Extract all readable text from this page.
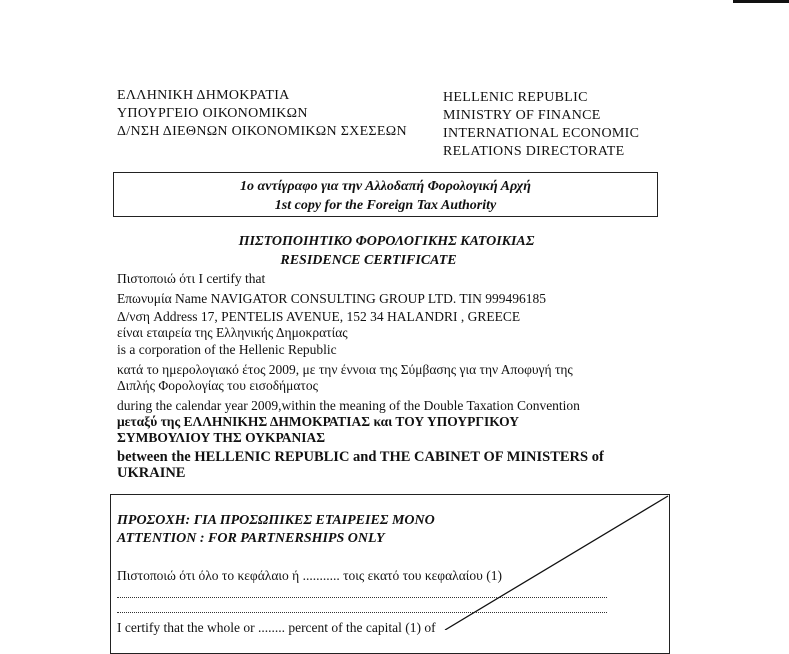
ΕΛΛΗΝΙΚΗ ΔΗΜΟΚΡΑΤΙΑ
ΥΠΟΥΡΓΕΙΟ ΟΙΚΟΝΟΜΙΚΩΝ
Δ/ΝΣΗ ΔΙΕΘΝΩΝ ΟΙΚΟΝΟΜΙΚΩΝ ΣΧΕΣΕΩΝ
HELLENIC REPUBLIC
MINISTRY OF FINANCE
INTERNATIONAL ECONOMIC
RELATIONS DIRECTORATE
1ο αντίγραφο για την Αλλοδαπή Φορολογική Αρχή
1st copy for the Foreign Tax Authority
ΠΙΣΤΟΠΟΙΗΤΙΚΟ ΦΟΡΟΛΟΓΙΚΗΣ ΚΑΤΟΙΚΙΑΣ
RESIDENCE CERTIFICATE
Πιστοποιώ ότι I certify that
Επωνυμία Name NAVIGATOR CONSULTING GROUP LTD. TIN 999496185
Δ/νση Address 17, PENTELIS AVENUE, 152 34 HALANDRI , GREECE
είναι εταιρεία της Ελληνικής Δημοκρατίας
is a corporation of the Hellenic Republic
κατά το ημερολογιακό έτος 2009, με την έννοια της Σύμβασης για την Αποφυγή της
Διπλής Φορολογίας του εισοδήματος
during the calendar year 2009,within the meaning of the Double Taxation Convention
μεταξύ της ΕΛΛΗΝΙΚΗΣ ΔΗΜΟΚΡΑΤΙΑΣ και ΤΟΥ ΥΠΟΥΡΓΙΚΟΥ
ΣΥΜΒΟΥΛΙΟΥ ΤΗΣ ΟΥΚΡΑΝΙΑΣ
between the HELLENIC REPUBLIC and THE CABINET OF MINISTERS of
UKRAINE
ΠΡΟΣΟΧΗ: ΓΙΑ ΠΡΟΣΩΠΙΚΕΣ ΕΤΑΙΡΕΙΕΣ ΜΟΝΟ
ATTENTION : FOR PARTNERSHIPS ONLY
Πιστοποιώ ότι όλο το κεφάλαιο ή ........... τοις εκατό του κεφαλαίου (1)
I certify that the whole or ........ percent of the capital (1) of
